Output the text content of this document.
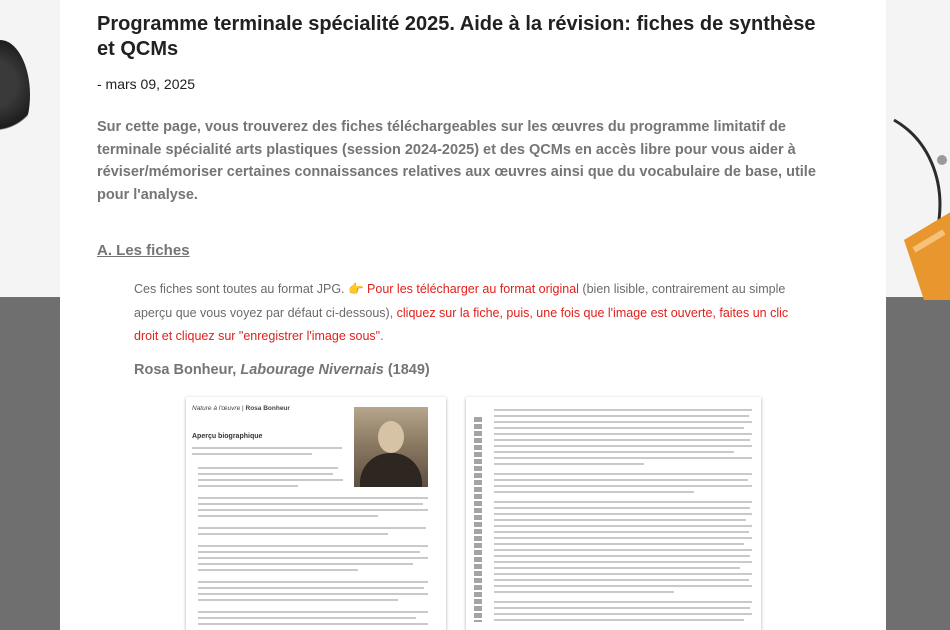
Programme terminale spécialité 2025. Aide à la révision: fiches de synthèse et QCMs
- mars 09, 2025

Sur cette page, vous trouverez des fiches téléchargeables sur les œuvres du programme limitatif de terminale spécialité arts plastiques (session 2024-2025) et des QCMs en accès libre pour vous aider à réviser/mémoriser certaines connaissances relatives aux œuvres ainsi que du vocabulaire de base, utile pour l'analyse.

A. Les fiches

Ces fiches sont toutes au format JPG. 👉 Pour les télécharger au format original (bien lisible, contrairement au simple aperçu que vous voyez par défaut ci-dessous), cliquez sur la fiche, puis, une fois que l'image est ouverte, faites un clic droit et cliquez sur "enregistrer l'image sous".

Rosa Bonheur, Labourage Nivernais (1849)
Nature à l'œuvre | Rosa Bonheur
Aperçu biographique
